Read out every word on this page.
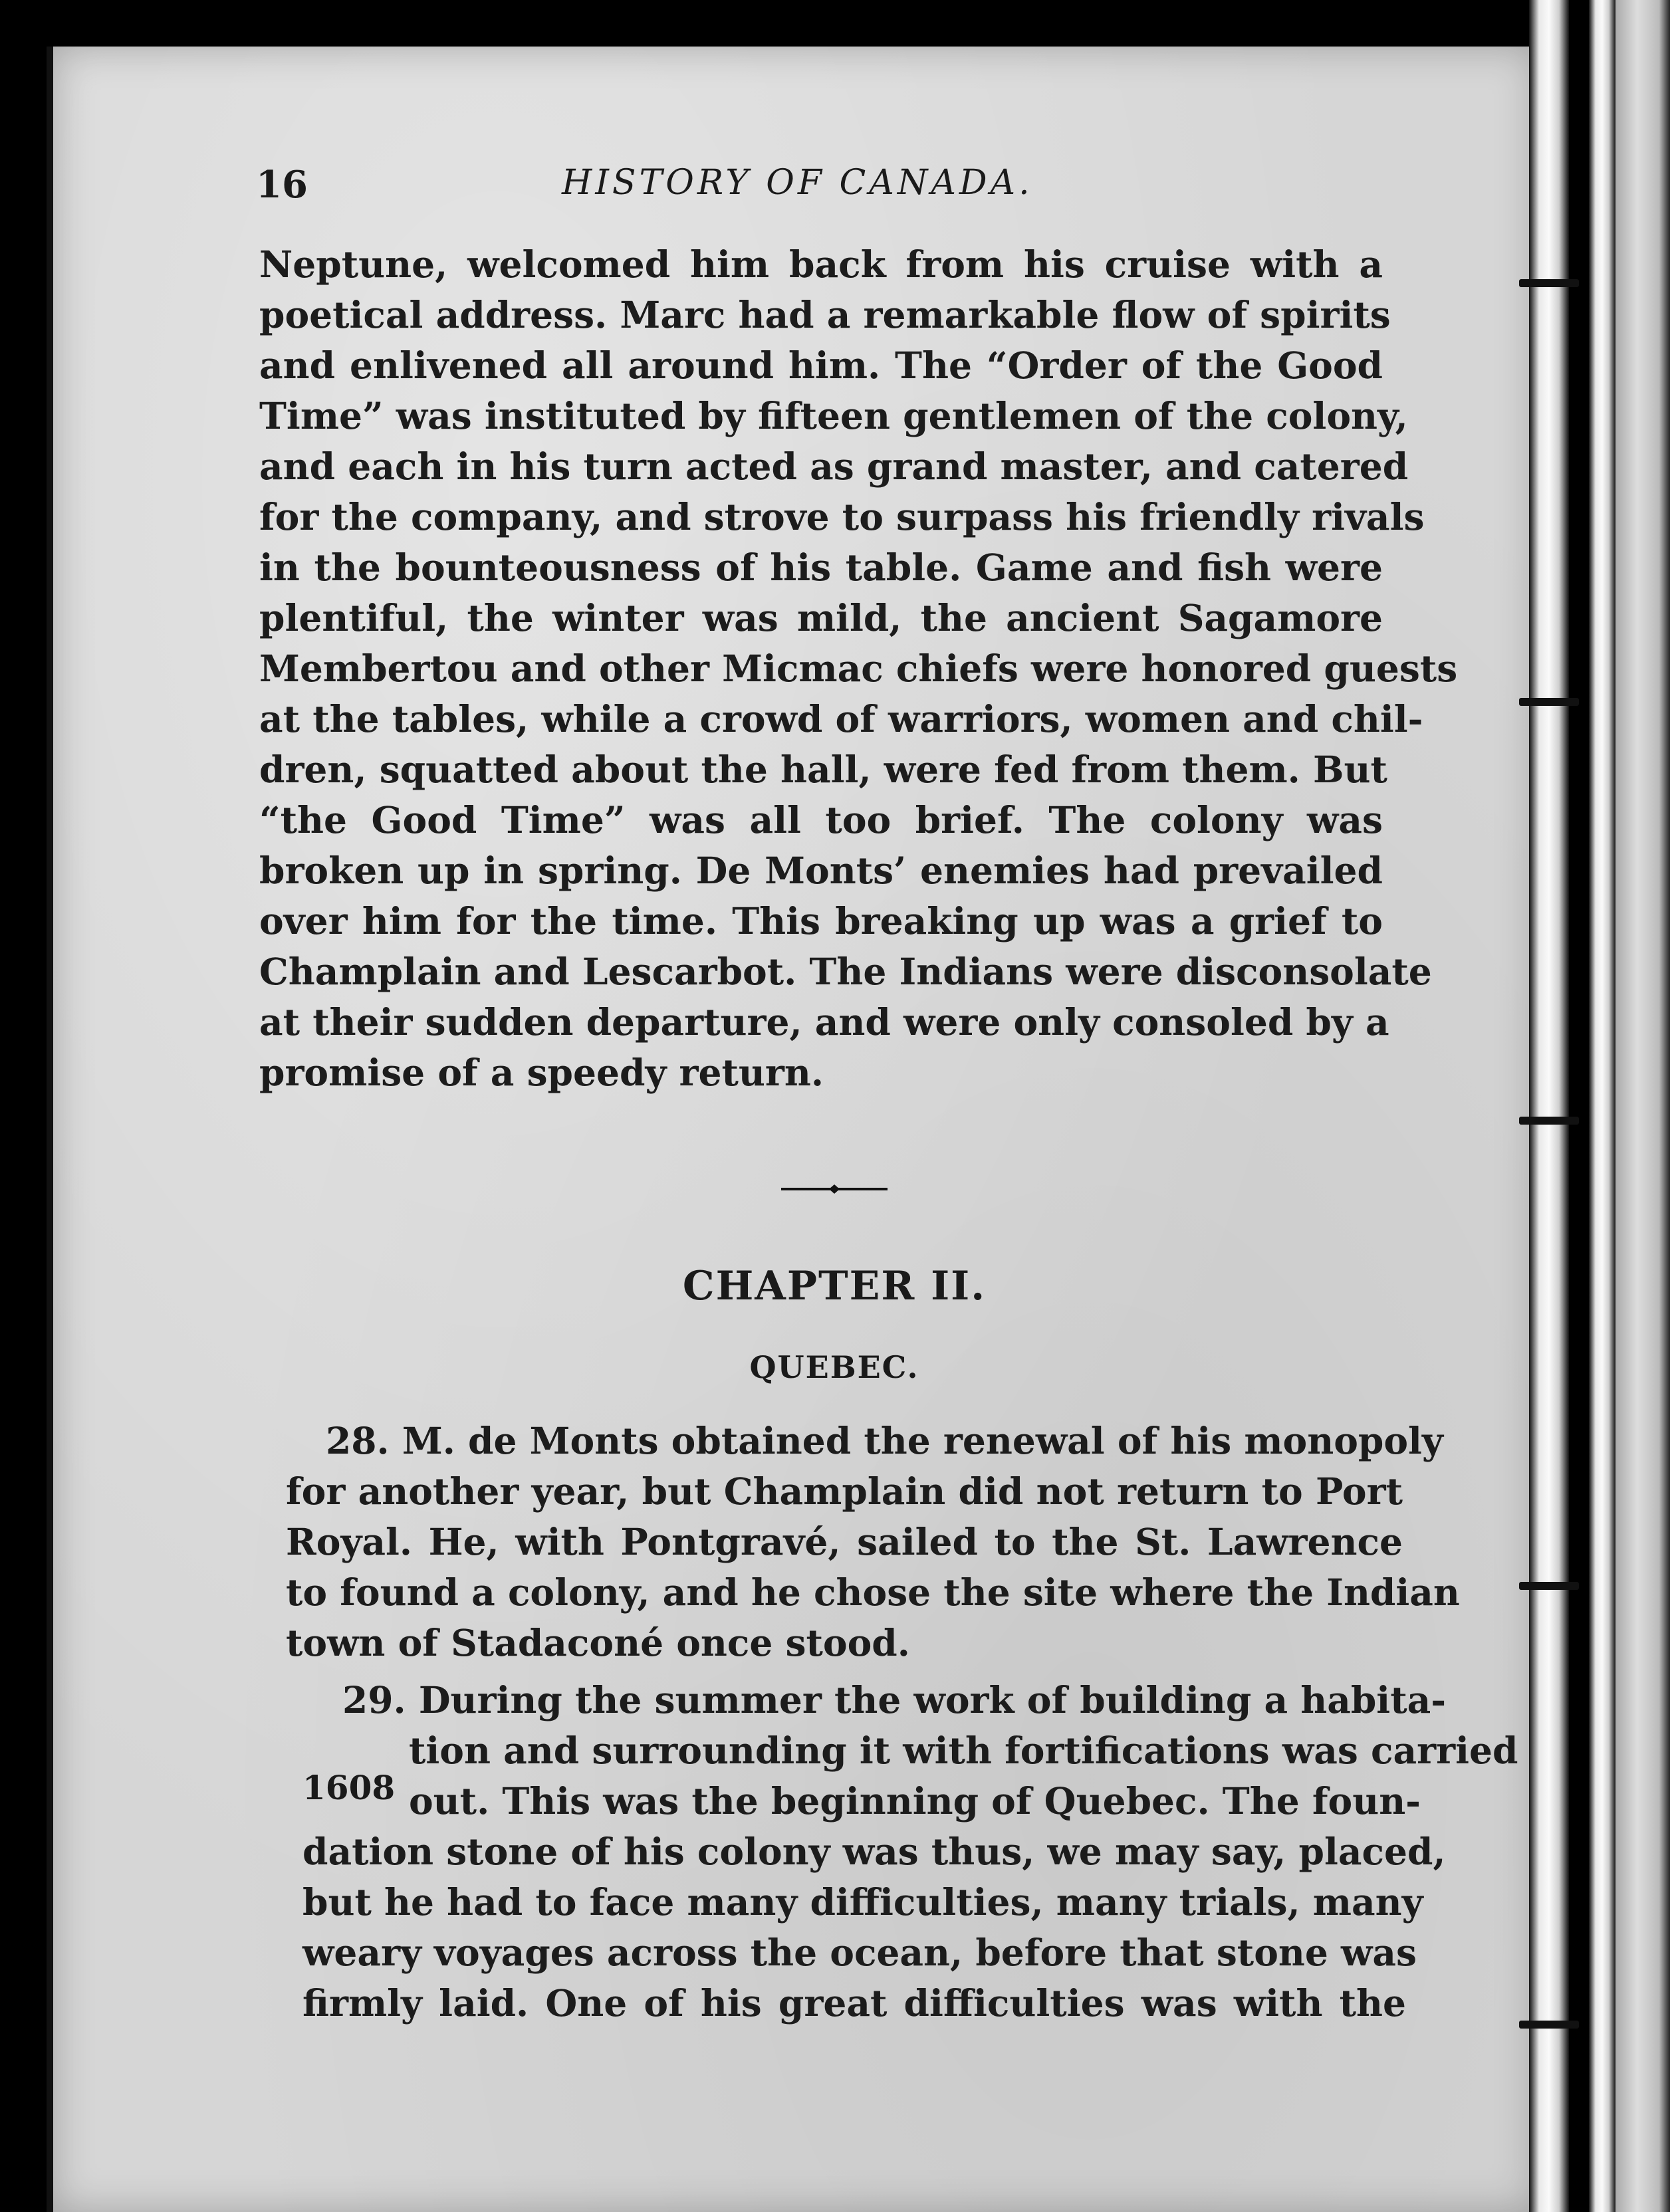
16	HISTORY OF CANADA.
Neptune, welcomed him back from his cruise with a
poetical address. Marc had a remarkable flow of spirits
and enlivened all around him. The “Order of the Good
Time” was instituted by fifteen gentlemen of the colony,
and each in his turn acted as grand master, and catered
for the company, and strove to surpass his friendly rivals
in the bounteousness of his table. Game and fish were
plentiful, the winter was mild, the ancient Sagamore
Membertou and other Micmac chiefs were honored guests
at the tables, while a crowd of warriors, women and chil-
dren, squatted about the hall, were fed from them. But
“the Good Time” was all too brief. The colony was
broken up in spring. De Monts’ enemies had prevailed
over him for the time. This breaking up was a grief to
Champlain and Lescarbot. The Indians were disconsolate
at their sudden departure, and were only consoled by a
promise of a speedy return.
CHAPTER II.
QUEBEC.
28. M. de Monts obtained the renewal of his monopoly
for another year, but Champlain did not return to Port
Royal. He, with Pontgravé, sailed to the St. Lawrence
to found a colony, and he chose the site where the Indian
town of Stadaconé once stood.
29. During the summer the work of building a habita-
tion and surrounding it with fortifications was carried
out. This was the beginning of Quebec. The foun-
dation stone of his colony was thus, we may say, placed,
but he had to face many difficulties, many trials, many
weary voyages across the ocean, before that stone was
firmly laid. One of his great difficulties was with the
1608
